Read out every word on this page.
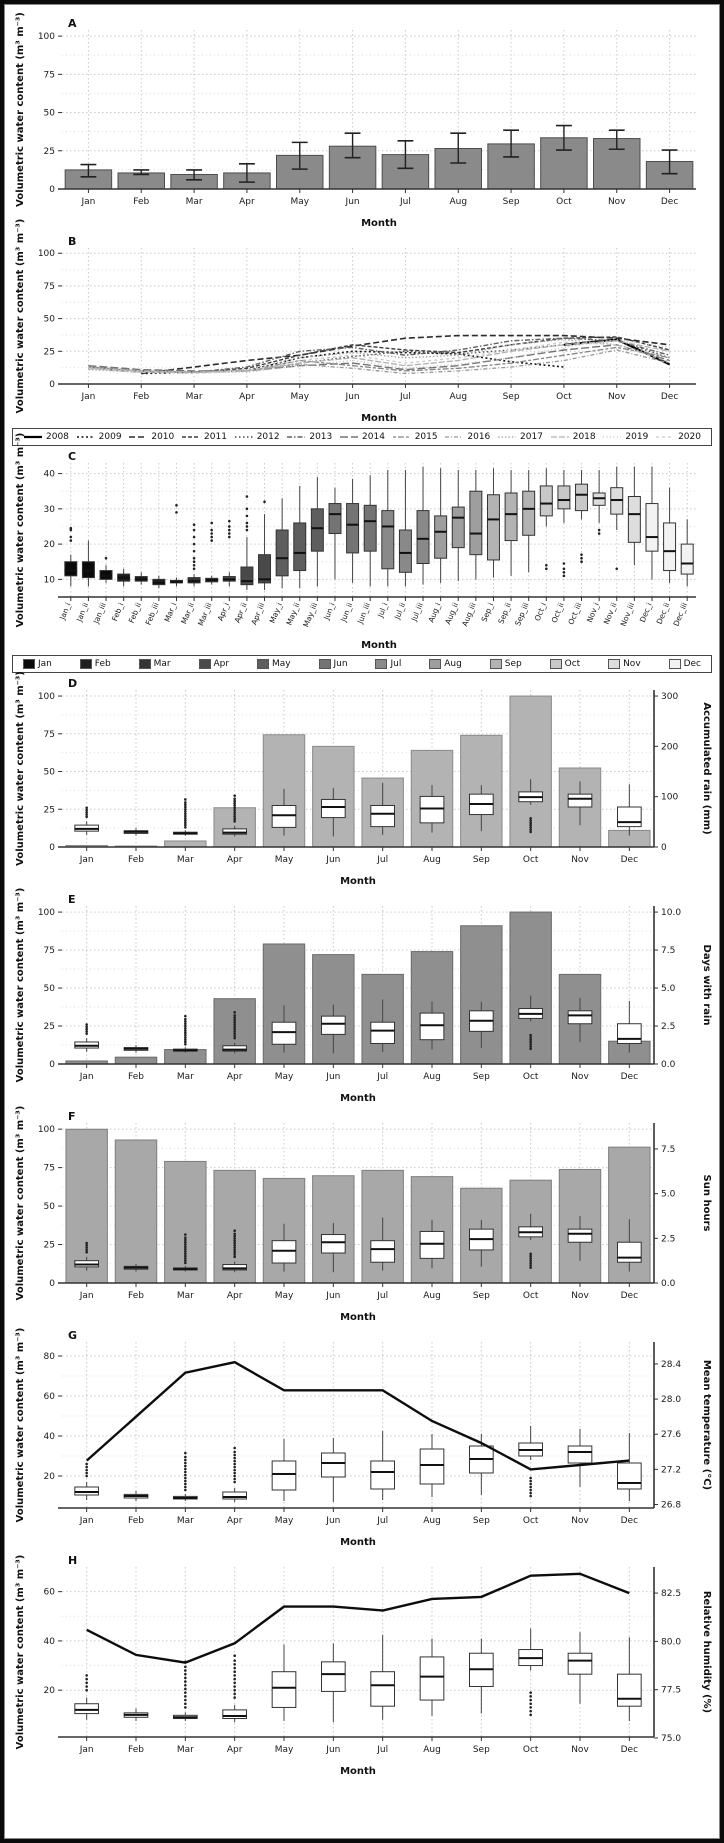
0
25
50
75
100
Jan	Feb	Mar	Apr	May	Jun	Jul	Aug	Sep	Oct	Nov	Dec
Month
Volumetric water content (m³ m⁻³)	A
0
25
50
75
100
Jan	Feb	Mar	Apr	May	Jun	Jul	Aug	Sep	Oct	Nov	Dec
Month
Volumetric water content (m³ m⁻³)	B
2008	2009	2010	2011	2012	2013	2014	2015	2016	2017	2018	2019	2020
10
20
30
40
Jan_i Jan_ii Jan_iii Feb_i Feb_ii Feb_iii Mar_i Mar_ii Mar_iii Apr_i Apr_ii Apr_iii May_i May_ii May_iii Jun_i Jun_ii Jun_iii Jul_i Jul_ii Jul_iii Aug_i Aug_ii Aug_iii Sep_i Sep_ii Sep_iii Oct_i Oct_ii Oct_iii Nov_i Nov_ii Nov_iii Dec_i Dec_ii Dec_iii
Month
Volumetric water content (m³ m⁻³)	C
Jan	Feb	Mar	Apr	May	Jun	Jul	Aug	Sep	Oct	Nov	Dec
0
25
50
75
100
Jan	Feb	Mar	Apr	May	Jun	Jul	Aug	Sep	Oct	Nov	Dec
0
100
200
300
Accumulated rain (mm)
Month
Volumetric water content (m³ m⁻³)	D
0
25
50
75
100
Jan	Feb	Mar	Apr	May	Jun	Jul	Aug	Sep	Oct	Nov	Dec
0.0
2.5
5.0
7.5
10.0
Days with rain
Month
Volumetric water content (m³ m⁻³)	E
0
25
50
75
100
Jan	Feb	Mar	Apr	May	Jun	Jul	Aug	Sep	Oct	Nov	Dec
0.0
2.5
5.0
7.5
Sun hours
Month
Volumetric water content (m³ m⁻³)	F
20
40
60
80
Jan	Feb	Mar	Apr	May	Jun	Jul	Aug	Sep	Oct	Nov	Dec
26.8
27.2
27.6
28.0
28.4 Mean temperature (°C)
Month
Volumetric water content (m³ m⁻³)	G
20
40
60
Jan	Feb	Mar	Apr	May	Jun	Jul	Aug	Sep	Oct	Nov	Dec
75.0
77.5
80.0
82.5 Relative humidity (%)
Month
Volumetric water content (m³ m⁻³)	H
